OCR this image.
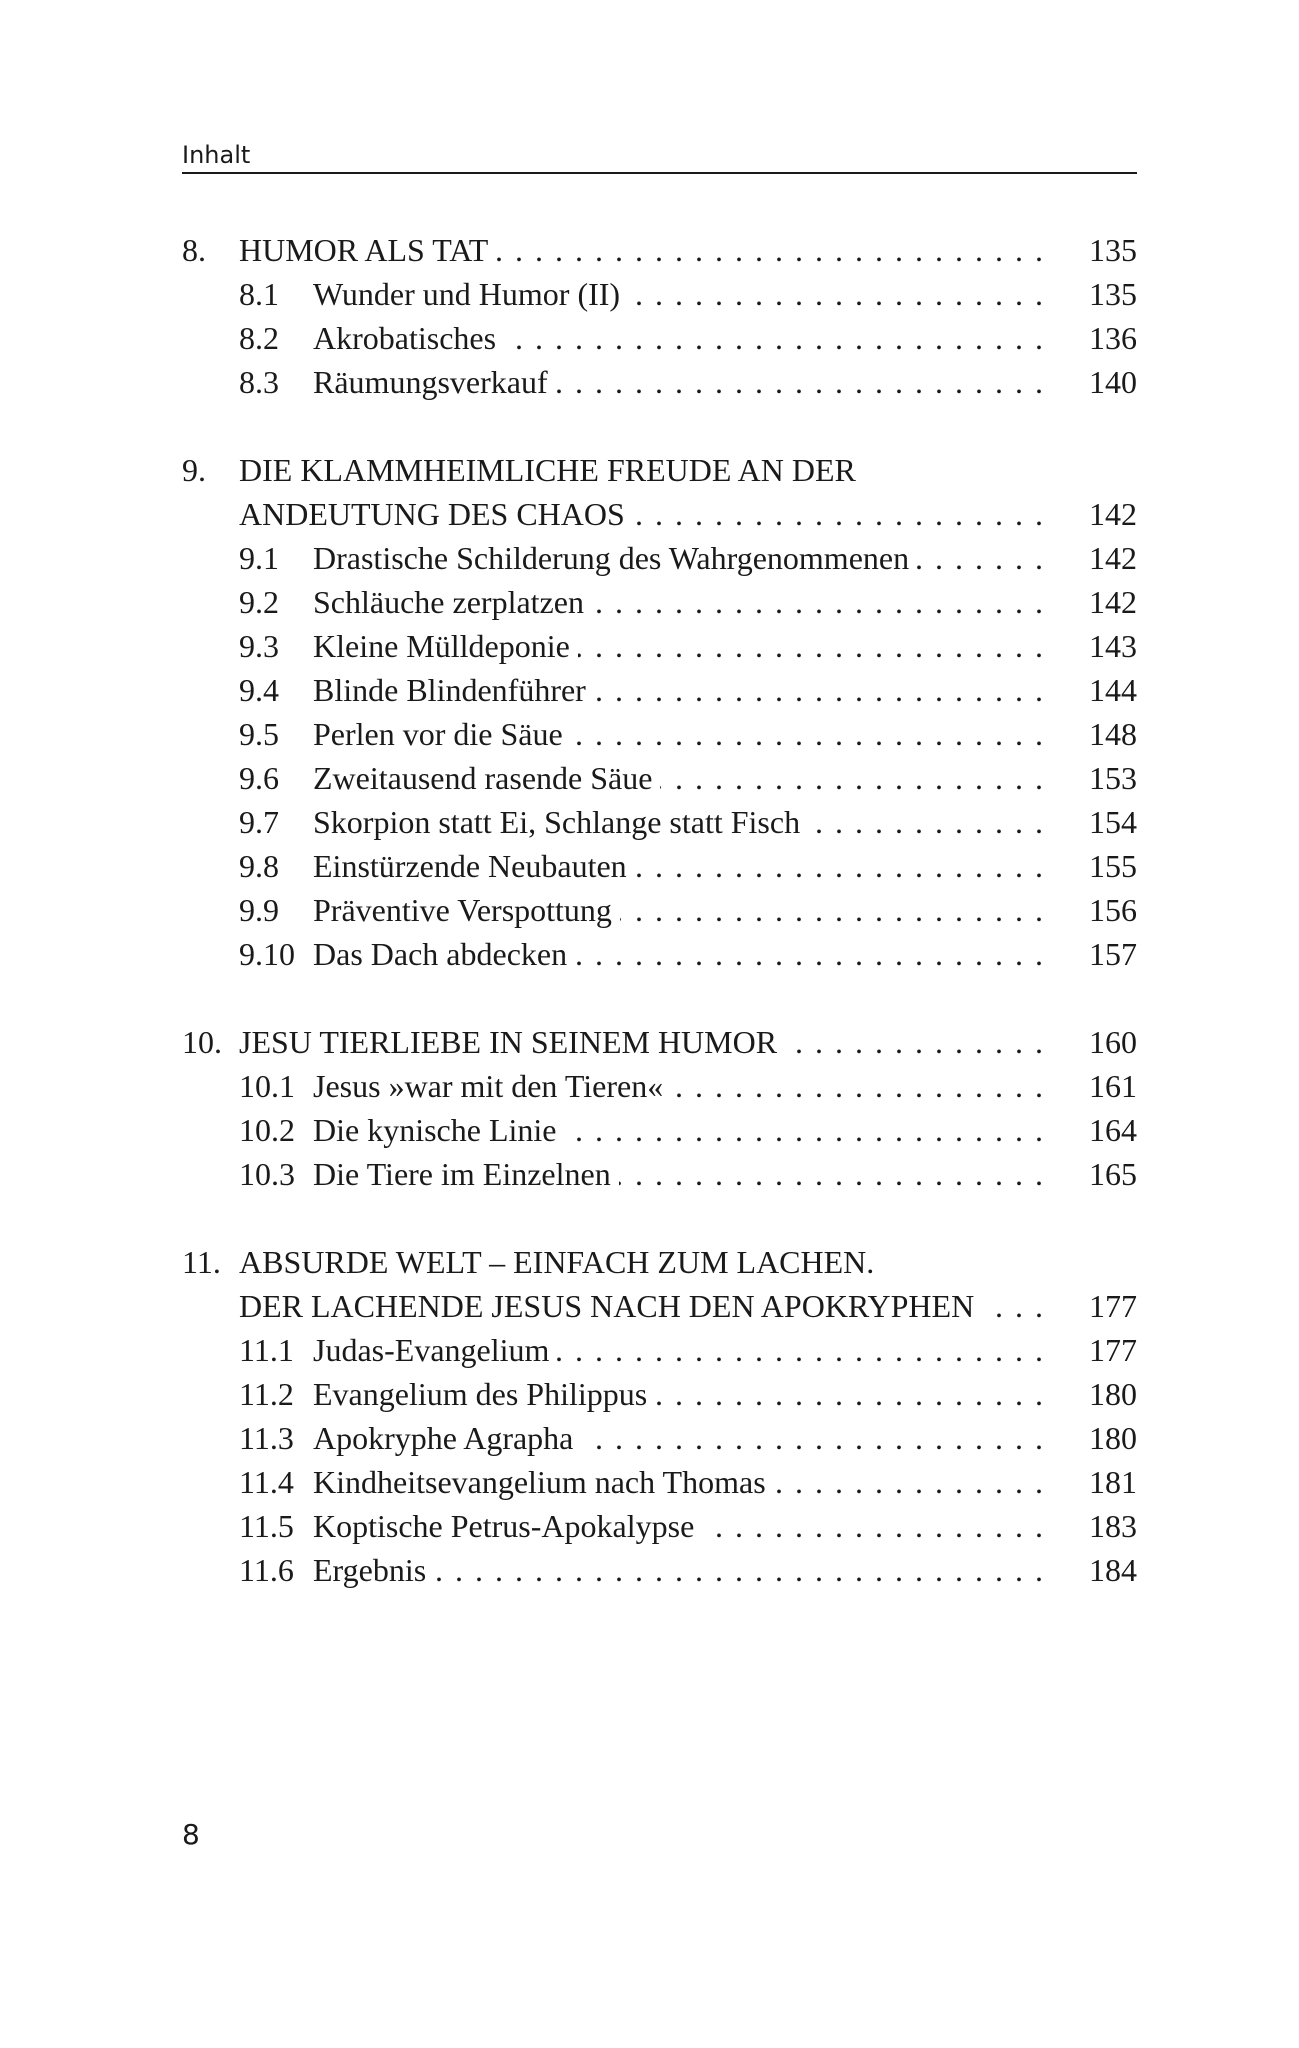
Inhalt
8. HUMOR ALS TAT . . .	135
8.1 Wunder und Humor (II) . . .	135
8.2 Akrobatisches . . .	136
8.3 Räumungsverkauf . . .	140
9. DIE KLAMMHEIMLICHE FREUDE AN DER
ANDEUTUNG DES CHAOS . . .	142
9.1 Drastische Schilderung des Wahrgenommenen . . .	142
9.2 Schläuche zerplatzen . . .	142
9.3 Kleine Mülldeponie . . .	143
9.4 Blinde Blindenführer . . .	144
9.5 Perlen vor die Säue . . .	148
9.6 Zweitausend rasende Säue . . .	153
9.7 Skorpion statt Ei, Schlange statt Fisch . . .	154
9.8 Einstürzende Neubauten . . .	155
9.9 Präventive Verspottung . . .	156
9.10 Das Dach abdecken . . .	157
10. JESU TIERLIEBE IN SEINEM HUMOR . . .	160
10.1 Jesus »war mit den Tieren« . . .	161
10.2 Die kynische Linie . . .	164
10.3 Die Tiere im Einzelnen . . .	165
11. ABSURDE WELT – EINFACH ZUM LACHEN.
DER LACHENDE JESUS NACH DEN APOKRYPHEN . . .	177
11.1 Judas-Evangelium . . .	177
11.2 Evangelium des Philippus . . .	180
11.3 Apokryphe Agrapha . . .	180
11.4 Kindheitsevangelium nach Thomas . . .	181
11.5 Koptische Petrus-Apokalypse . . .	183
11.6 Ergebnis . . .	184
8
